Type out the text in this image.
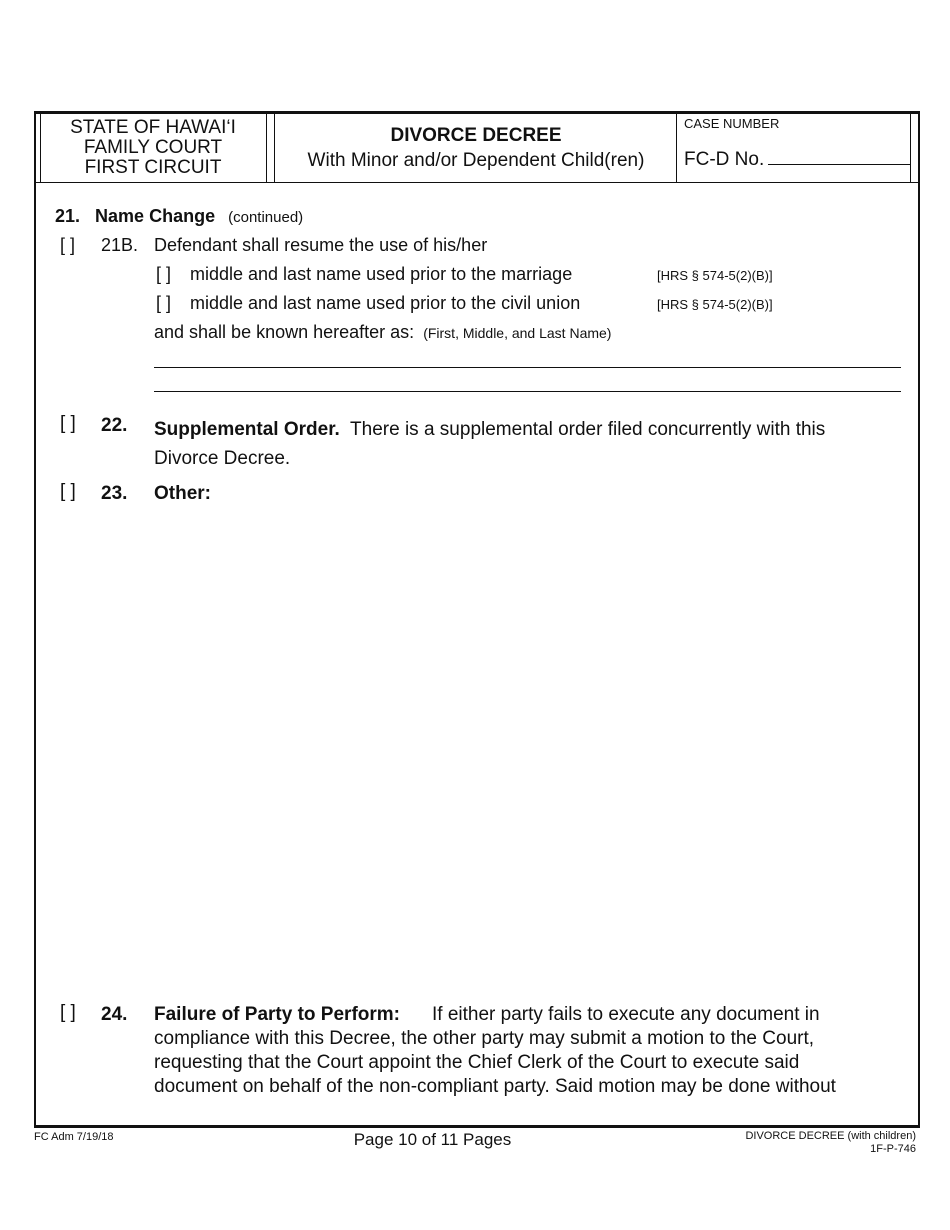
STATE OF HAWAI‘I
FAMILY COURT
FIRST CIRCUIT
DIVORCE DECREE
With Minor and/or Dependent Child(ren)
CASE NUMBER
FC-D No.
21. Name Change (continued)
[ ] 21B. Defendant shall resume the use of his/her
[ ] middle and last name used prior to the marriage	[HRS § 574-5(2)(B)]
[ ] middle and last name used prior to the civil union	[HRS § 574-5(2)(B)]
and shall be known hereafter as: (First, Middle, and Last Name)
[ ] 22. Supplemental Order. There is a supplemental order filed concurrently with this
Divorce Decree.
[ ] 23. Other:
[ ] 24. Failure of Party to Perform: If either party fails to execute any document in
compliance with this Decree, the other party may submit a motion to the Court,
requesting that the Court appoint the Chief Clerk of the Court to execute said
document on behalf of the non-compliant party. Said motion may be done without
FC Adm 7/19/18	Page 10 of 11 Pages	DIVORCE DECREE (with children)
1F-P-746
